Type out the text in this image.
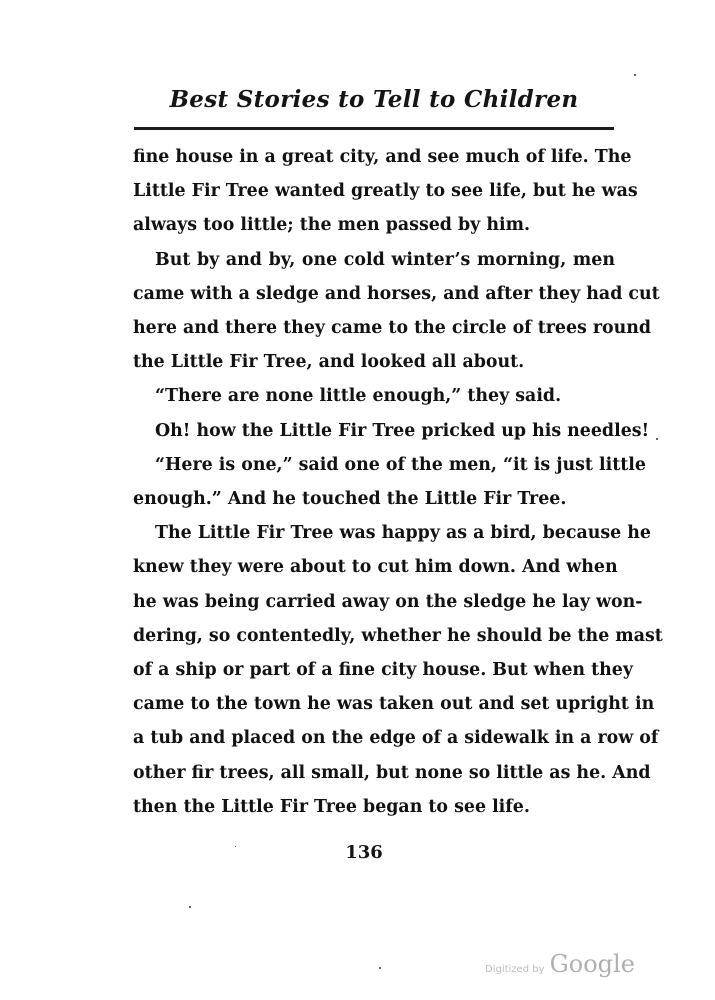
Best Stories to Tell to Children
fine house in a great city, and see much of life. The
Little Fir Tree wanted greatly to see life, but he was
always too little; the men passed by him.
But by and by, one cold winter’s morning, men
came with a sledge and horses, and after they had cut
here and there they came to the circle of trees round
the Little Fir Tree, and looked all about.
“There are none little enough,” they said.
Oh! how the Little Fir Tree pricked up his needles!
“Here is one,” said one of the men, “it is just little
enough.” And he touched the Little Fir Tree.
The Little Fir Tree was happy as a bird, because he
knew they were about to cut him down. And when
he was being carried away on the sledge he lay won-
dering, so contentedly, whether he should be the mast
of a ship or part of a fine city house. But when they
came to the town he was taken out and set upright in
a tub and placed on the edge of a sidewalk in a row of
other fir trees, all small, but none so little as he. And
then the Little Fir Tree began to see life.
136
Digitized by Google
